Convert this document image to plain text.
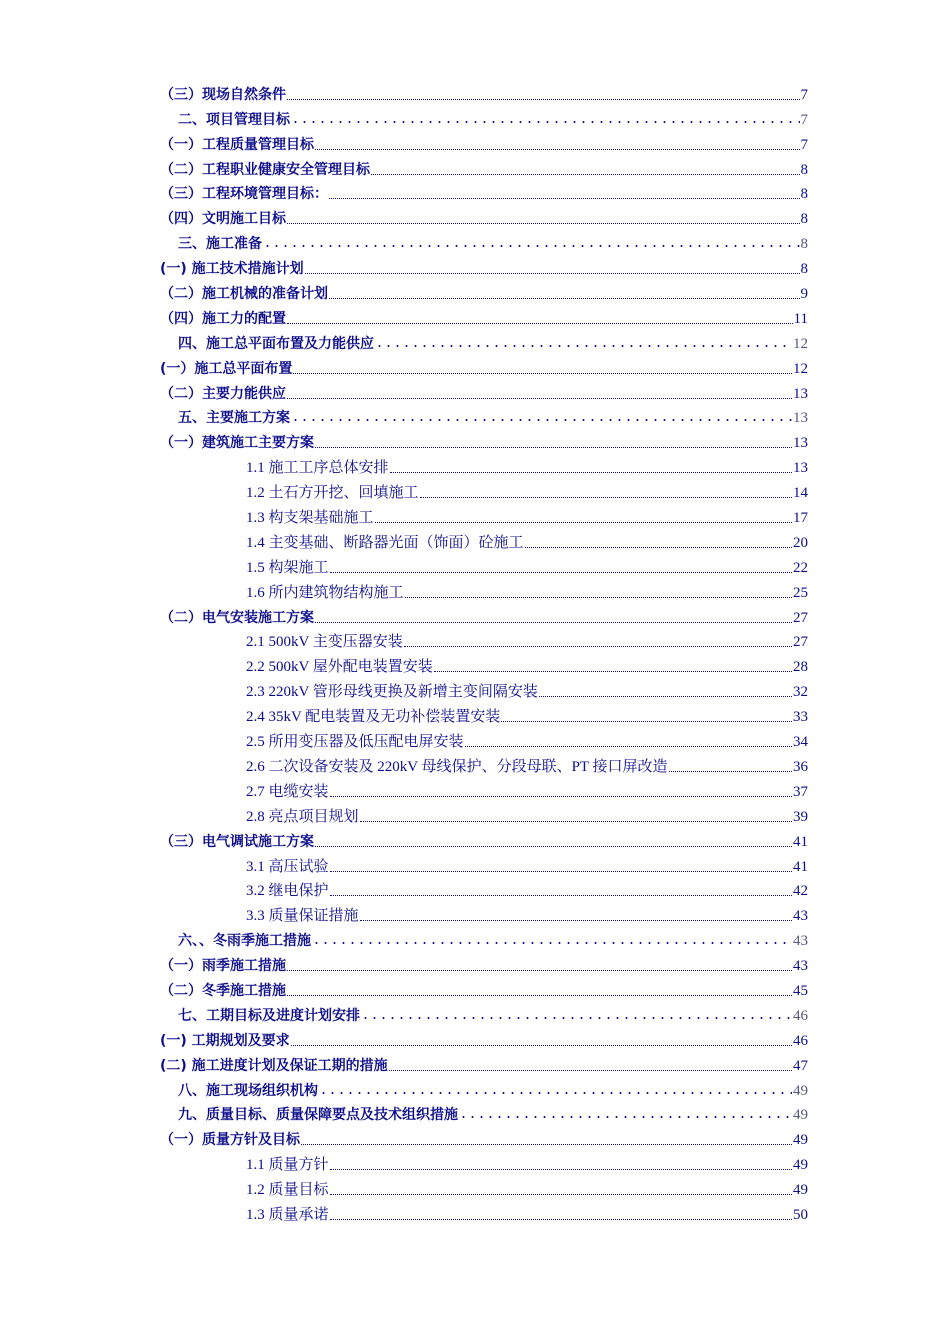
（三）现场自然条件	7
二、项目管理目标	7
（一）工程质量管理目标	7
（二）工程职业健康安全管理目标	8
（三）工程环境管理目标：	8
（四）文明施工目标	8
三、施工准备	8
(一) 施工技术措施计划	8
（二）施工机械的准备计划	9
（四）施工力的配置	11
四、施工总平面布置及力能供应	12
(一）施工总平面布置	12
（二）主要力能供应	13
五、主要施工方案	13
（一）建筑施工主要方案	13
1.1 施工工序总体安排	13
1.2 土石方开挖、回填施工	14
1.3 构支架基础施工	17
1.4 主变基础、断路器光面（饰面）砼施工	20
1.5 构架施工	22
1.6 所内建筑物结构施工	25
（二）电气安装施工方案	27
2.1 500kV 主变压器安装	27
2.2 500kV 屋外配电装置安装	28
2.3 220kV 管形母线更换及新增主变间隔安装	32
2.4 35kV 配电装置及无功补偿装置安装	33
2.5 所用变压器及低压配电屏安装	34
2.6 二次设备安装及 220kV 母线保护、分段母联、PT 接口屏改造	36
2.7 电缆安装	37
2.8 亮点项目规划	39
（三）电气调试施工方案	41
3.1 高压试验	41
3.2 继电保护	42
3.3 质量保证措施	43
六、、冬雨季施工措施	43
（一）雨季施工措施	43
（二）冬季施工措施	45
七、工期目标及进度计划安排	46
(一) 工期规划及要求	46
(二) 施工进度计划及保证工期的措施	47
八、施工现场组织机构	49
九、质量目标、质量保障要点及技术组织措施	49
（一）质量方针及目标	49
1.1 质量方针	49
1.2 质量目标	49
1.3 质量承诺	50
